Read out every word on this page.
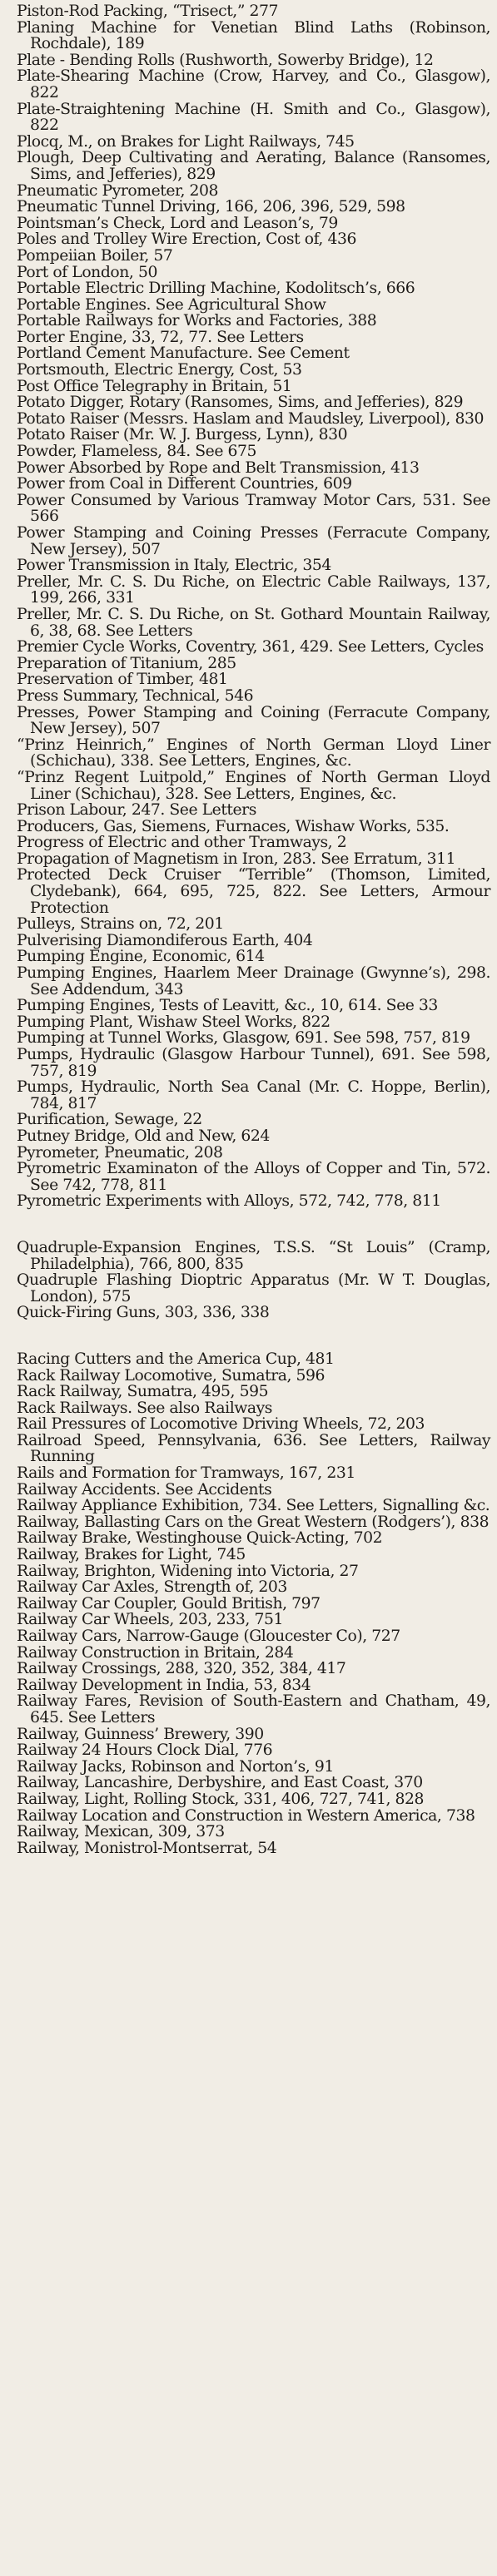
Piston-Rod Packing, “Trisect,” 277

Planing Machine for Venetian Blind Laths (Robinson, Rochdale), 189

Plate - Bending Rolls (Rushworth, Sowerby Bridge), 12

Plate-Shearing Machine (Crow, Harvey, and Co., Glasgow), 822

Plate-Straightening Machine (H. Smith and Co., Glasgow), 822

Plocq, M., on Brakes for Light Railways, 745

Plough, Deep Cultivating and Aerating, Balance (Ransomes, Sims, and Jefferies), 829

Pneumatic Pyrometer, 208

Pneumatic Tunnel Driving, 166, 206, 396, 529, 598

Pointsman’s Check, Lord and Leason’s, 79

Poles and Trolley Wire Erection, Cost of, 436

Pompeiian Boiler, 57

Port of London, 50

Portable Electric Drilling Machine, Kodolitsch’s, 666

Portable Engines. See Agricultural Show

Portable Railways for Works and Factories, 388

Porter Engine, 33, 72, 77. See Letters

Portland Cement Manufacture. See Cement

Portsmouth, Electric Energy, Cost, 53

Post Office Telegraphy in Britain, 51

Potato Digger, Rotary (Ransomes, Sims, and Jefferies), 829

Potato Raiser (Messrs. Haslam and Maudsley, Liverpool), 830

Potato Raiser (Mr. W. J. Burgess, Lynn), 830

Powder, Flameless, 84. See 675

Power Absorbed by Rope and Belt Transmission, 413

Power from Coal in Different Countries, 609

Power Consumed by Various Tramway Motor Cars, 531. See 566

Power Stamping and Coining Presses (Ferracute Company, New Jersey), 507

Power Transmission in Italy, Electric, 354

Preller, Mr. C. S. Du Riche, on Electric Cable Railways, 137, 199, 266, 331

Preller, Mr. C. S. Du Riche, on St. Gothard Mountain Railway, 6, 38, 68. See Letters

Premier Cycle Works, Coventry, 361, 429. See Letters, Cycles

Preparation of Titanium, 285

Preservation of Timber, 481

Press Summary, Technical, 546

Presses, Power Stamping and Coining (Ferracute Company, New Jersey), 507

“Prinz Heinrich,” Engines of North German Lloyd Liner (Schichau), 338. See Letters, Engines, &c.

“Prinz Regent Luitpold,” Engines of North German Lloyd Liner (Schichau), 328. See Letters, Engines, &c.

Prison Labour, 247. See Letters

Producers, Gas, Siemens, Furnaces, Wishaw Works, 535.

Progress of Electric and other Tramways, 2

Propagation of Magnetism in Iron, 283. See Erratum, 311

Protected Deck Cruiser “Terrible” (Thomson, Limited, Clydebank), 664, 695, 725, 822. See Letters, Armour Protection

Pulleys, Strains on, 72, 201

Pulverising Diamondiferous Earth, 404

Pumping Engine, Economic, 614

Pumping Engines, Haarlem Meer Drainage (Gwynne’s), 298. See Addendum, 343

Pumping Engines, Tests of Leavitt, &c., 10, 614. See 33

Pumping Plant, Wishaw Steel Works, 822

Pumping at Tunnel Works, Glasgow, 691. See 598, 757, 819

Pumps, Hydraulic (Glasgow Harbour Tunnel), 691. See 598, 757, 819

Pumps, Hydraulic, North Sea Canal (Mr. C. Hoppe, Berlin), 784, 817

Purification, Sewage, 22

Putney Bridge, Old and New, 624

Pyrometer, Pneumatic, 208

Pyrometric Examinaton of the Alloys of Copper and Tin, 572. See 742, 778, 811

Pyrometric Experiments with Alloys, 572, 742, 778, 811

Quadruple-Expansion Engines, T.S.S. “St Louis” (Cramp, Philadelphia), 766, 800, 835

Quadruple Flashing Dioptric Apparatus (Mr. W T. Douglas, London), 575

Quick-Firing Guns, 303, 336, 338

Racing Cutters and the America Cup, 481

Rack Railway Locomotive, Sumatra, 596

Rack Railway, Sumatra, 495, 595

Rack Railways. See also Railways

Rail Pressures of Locomotive Driving Wheels, 72, 203

Railroad Speed, Pennsylvania, 636. See Letters, Railway Running

Rails and Formation for Tramways, 167, 231

Railway Accidents. See Accidents

Railway Appliance Exhibition, 734. See Letters, Signalling &c.

Railway, Ballasting Cars on the Great Western (Rodgers’), 838

Railway Brake, Westinghouse Quick-Acting, 702

Railway, Brakes for Light, 745

Railway, Brighton, Widening into Victoria, 27

Railway Car Axles, Strength of, 203

Railway Car Coupler, Gould British, 797

Railway Car Wheels, 203, 233, 751

Railway Cars, Narrow-Gauge (Gloucester Co), 727

Railway Construction in Britain, 284

Railway Crossings, 288, 320, 352, 384, 417

Railway Development in India, 53, 834

Railway Fares, Revision of South-Eastern and Chatham, 49, 645. See Letters

Railway, Guinness’ Brewery, 390

Railway 24 Hours Clock Dial, 776

Railway Jacks, Robinson and Norton’s, 91

Railway, Lancashire, Derbyshire, and East Coast, 370

Railway, Light, Rolling Stock, 331, 406, 727, 741, 828

Railway Location and Construction in Western America, 738

Railway, Mexican, 309, 373

Railway, Monistrol-Montserrat, 54
